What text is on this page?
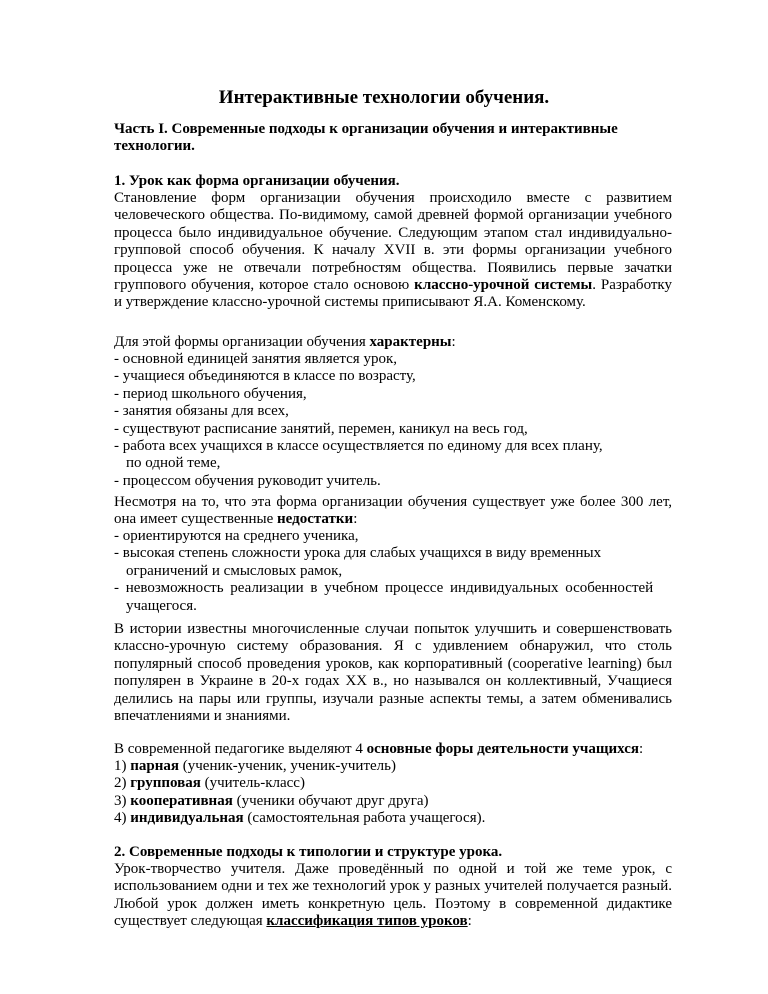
Интерактивные технологии обучения.
Часть I. Современные подходы к организации обучения и интерактивные технологии.
1. Урок как форма организации обучения.
Становление форм организации обучения происходило вместе с развитием человеческого общества. По-видимому, самой древней формой организации учебного процесса было индивидуальное обучение. Следующим этапом стал индивидуально-групповой способ обучения. К началу XVII в. эти формы организации учебного процесса уже не отвечали потребностям общества. Появились первые зачатки группового обучения, которое стало основою классно-урочной системы. Разработку и утверждение классно-урочной системы приписывают Я.А. Коменскому.
Для этой формы организации обучения характерны:
- основной единицей занятия является урок,
- учащиеся объединяются в классе по возрасту,
- период школьного обучения,
- занятия обязаны для всех,
- существуют расписание занятий, перемен, каникул на весь год,
- работа всех учащихся в классе осуществляется по единому для всех плану,
по одной теме,
- процессом обучения руководит учитель.
Несмотря на то, что эта форма организации обучения существует уже более 300 лет, она имеет существенные недостатки:
- ориентируются на среднего ученика,
- высокая степень сложности урока для слабых учащихся в виду временных
ограничений и смысловых рамок,
- невозможность реализации в учебном процессе индивидуальных особенностей
учащегося.
В истории известны многочисленные случаи попыток улучшить и совершенствовать классно-урочную систему образования. Я с удивлением обнаружил, что столь популярный способ проведения уроков, как корпоративный (cooperative learning) был популярен в Украине в 20-х годах ХХ в., но назывался он коллективный, Учащиеся делились на пары или группы, изучали разные аспекты темы, а затем обменивались впечатлениями и знаниями.
В современной педагогике выделяют 4 основные форы деятельности учащихся:
1) парная (ученик-ученик, ученик-учитель)
2) групповая (учитель-класс)
3) кооперативная (ученики обучают друг друга)
4) индивидуальная (самостоятельная работа учащегося).
2. Современные подходы к типологии и структуре урока.
Урок-творчество учителя. Даже проведённый по одной и той же теме урок, с использованием одни и тех же технологий урок у разных учителей получается разный. Любой урок должен иметь конкретную цель. Поэтому в современной дидактике существует следующая классификация типов уроков:
